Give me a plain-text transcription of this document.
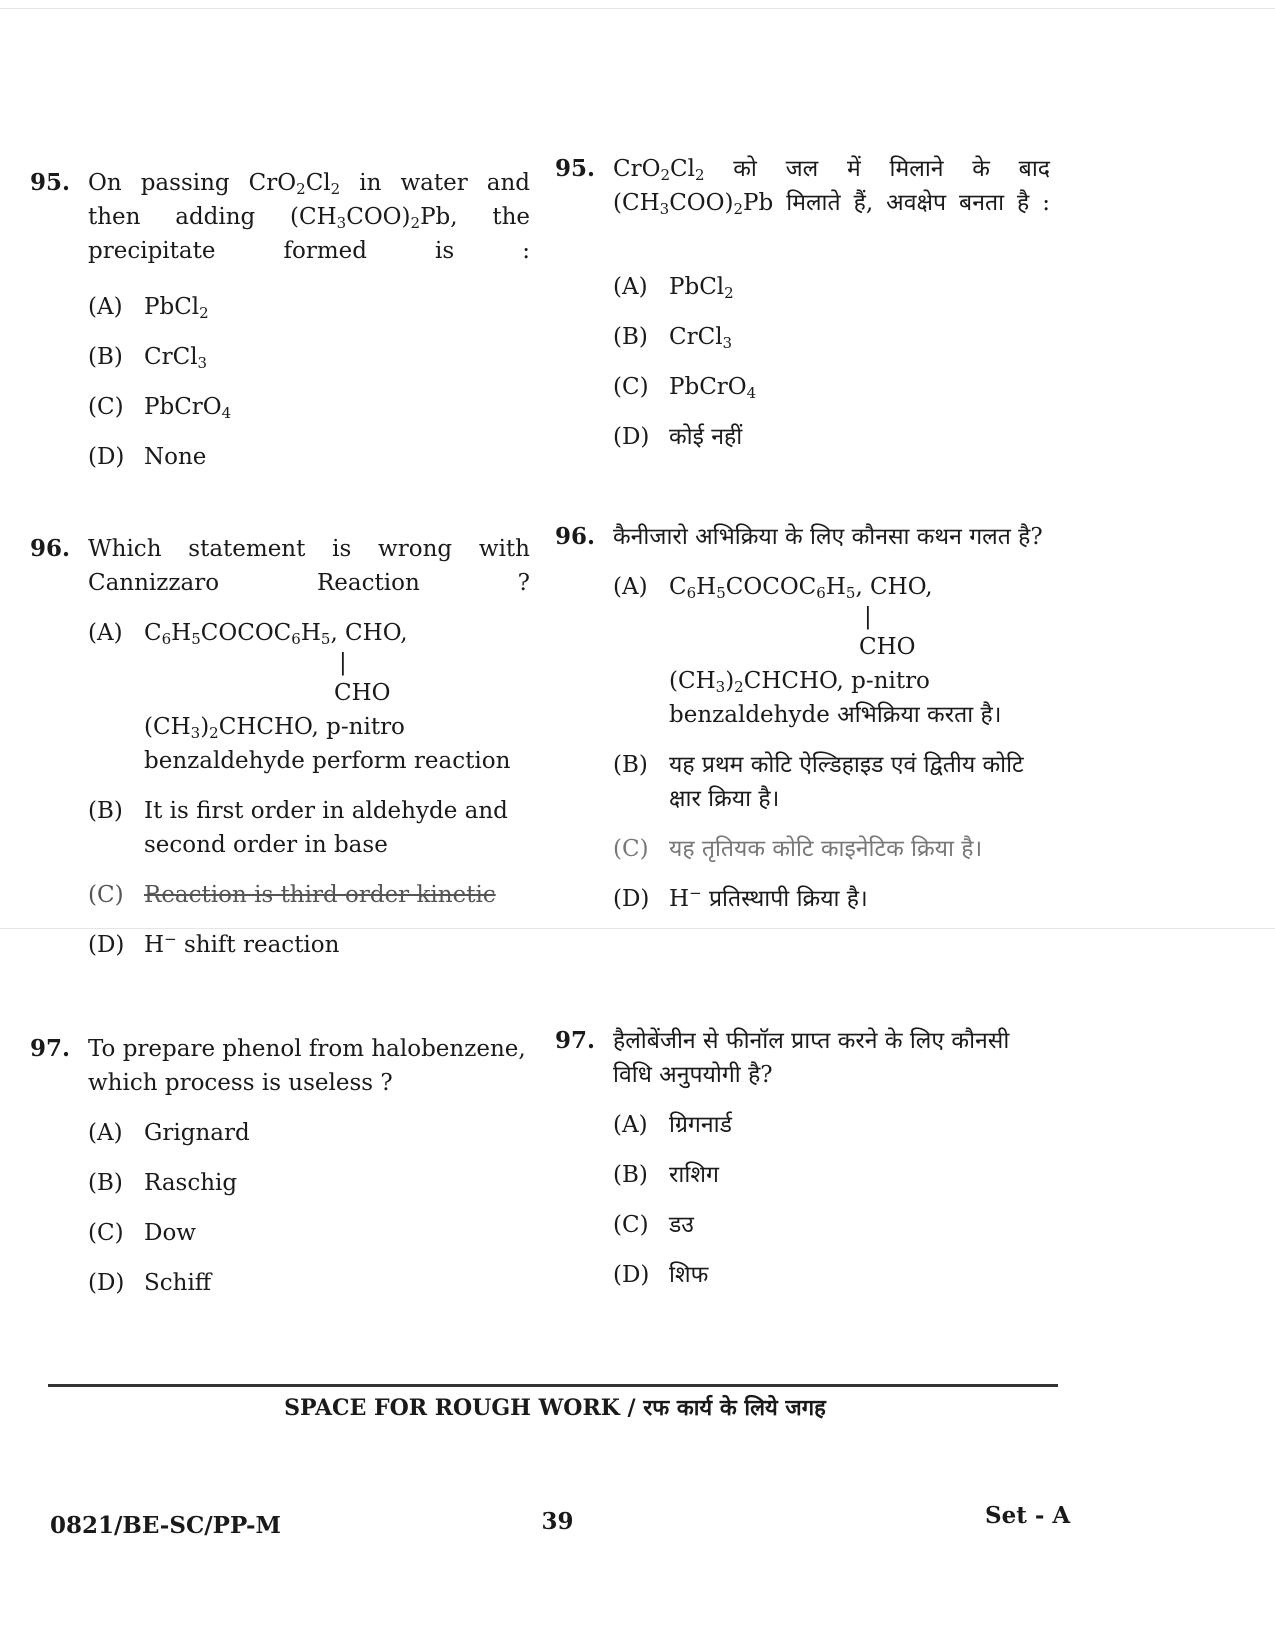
95. On passing $CrO_2Cl_2$ in water and then adding $(CH_3COO)_2Pb$, the precipitate formed is :
(A) PbCl$_2$
(B) CrCl$_3$
(C) PbCrO$_4$
(D) None
96. Which statement is wrong with Cannizzaro Reaction ?
(A) $C_6H_5COCOC_6H_5$, CHO,
|
CHO
$(CH_3)_2CHCHO$, p-nitro
benzaldehyde perform reaction
(B) It is first order in aldehyde and second order in base
(C) Reaction is third order kinetic
(D) H− shift reaction
97. To prepare phenol from halobenzene, which process is useless ?
(A) Grignard
(B) Raschig
(C) Dow
(D) Schiff
95. $CrO_2Cl_2$ को जल में मिलाने के बाद $(CH_3COO)_2Pb$ मिलाते हैं, अवक्षेप बनता है :
(A) PbCl$_2$
(B) CrCl$_3$
(C) PbCrO$_4$
(D) कोई नहीं
96. कैनीजारो अभिक्रिया के लिए कौनसा कथन गलत है?
(A) $C_6H_5COCOC_6H_5$, CHO,
|
CHO
$(CH_3)_2CHCHO$, p-nitro
benzaldehyde अभिक्रिया करता है।
(B) यह प्रथम कोटि ऐल्डिहाइड एवं द्वितीय कोटि क्षार क्रिया है।
(C) यह तृतियक कोटि काइनेटिक क्रिया है।
(D) H− प्रतिस्थापी क्रिया है।
97. हैलोबेंजीन से फीनॉल प्राप्त करने के लिए कौनसी विधि अनुपयोगी है?
(A) ग्रिगनार्ड
(B) राशिग
(C) डउ
(D) शिफ
SPACE FOR ROUGH WORK / रफ कार्य के लिये जगह
0821/BE-SC/PP-M	39	Set - A
